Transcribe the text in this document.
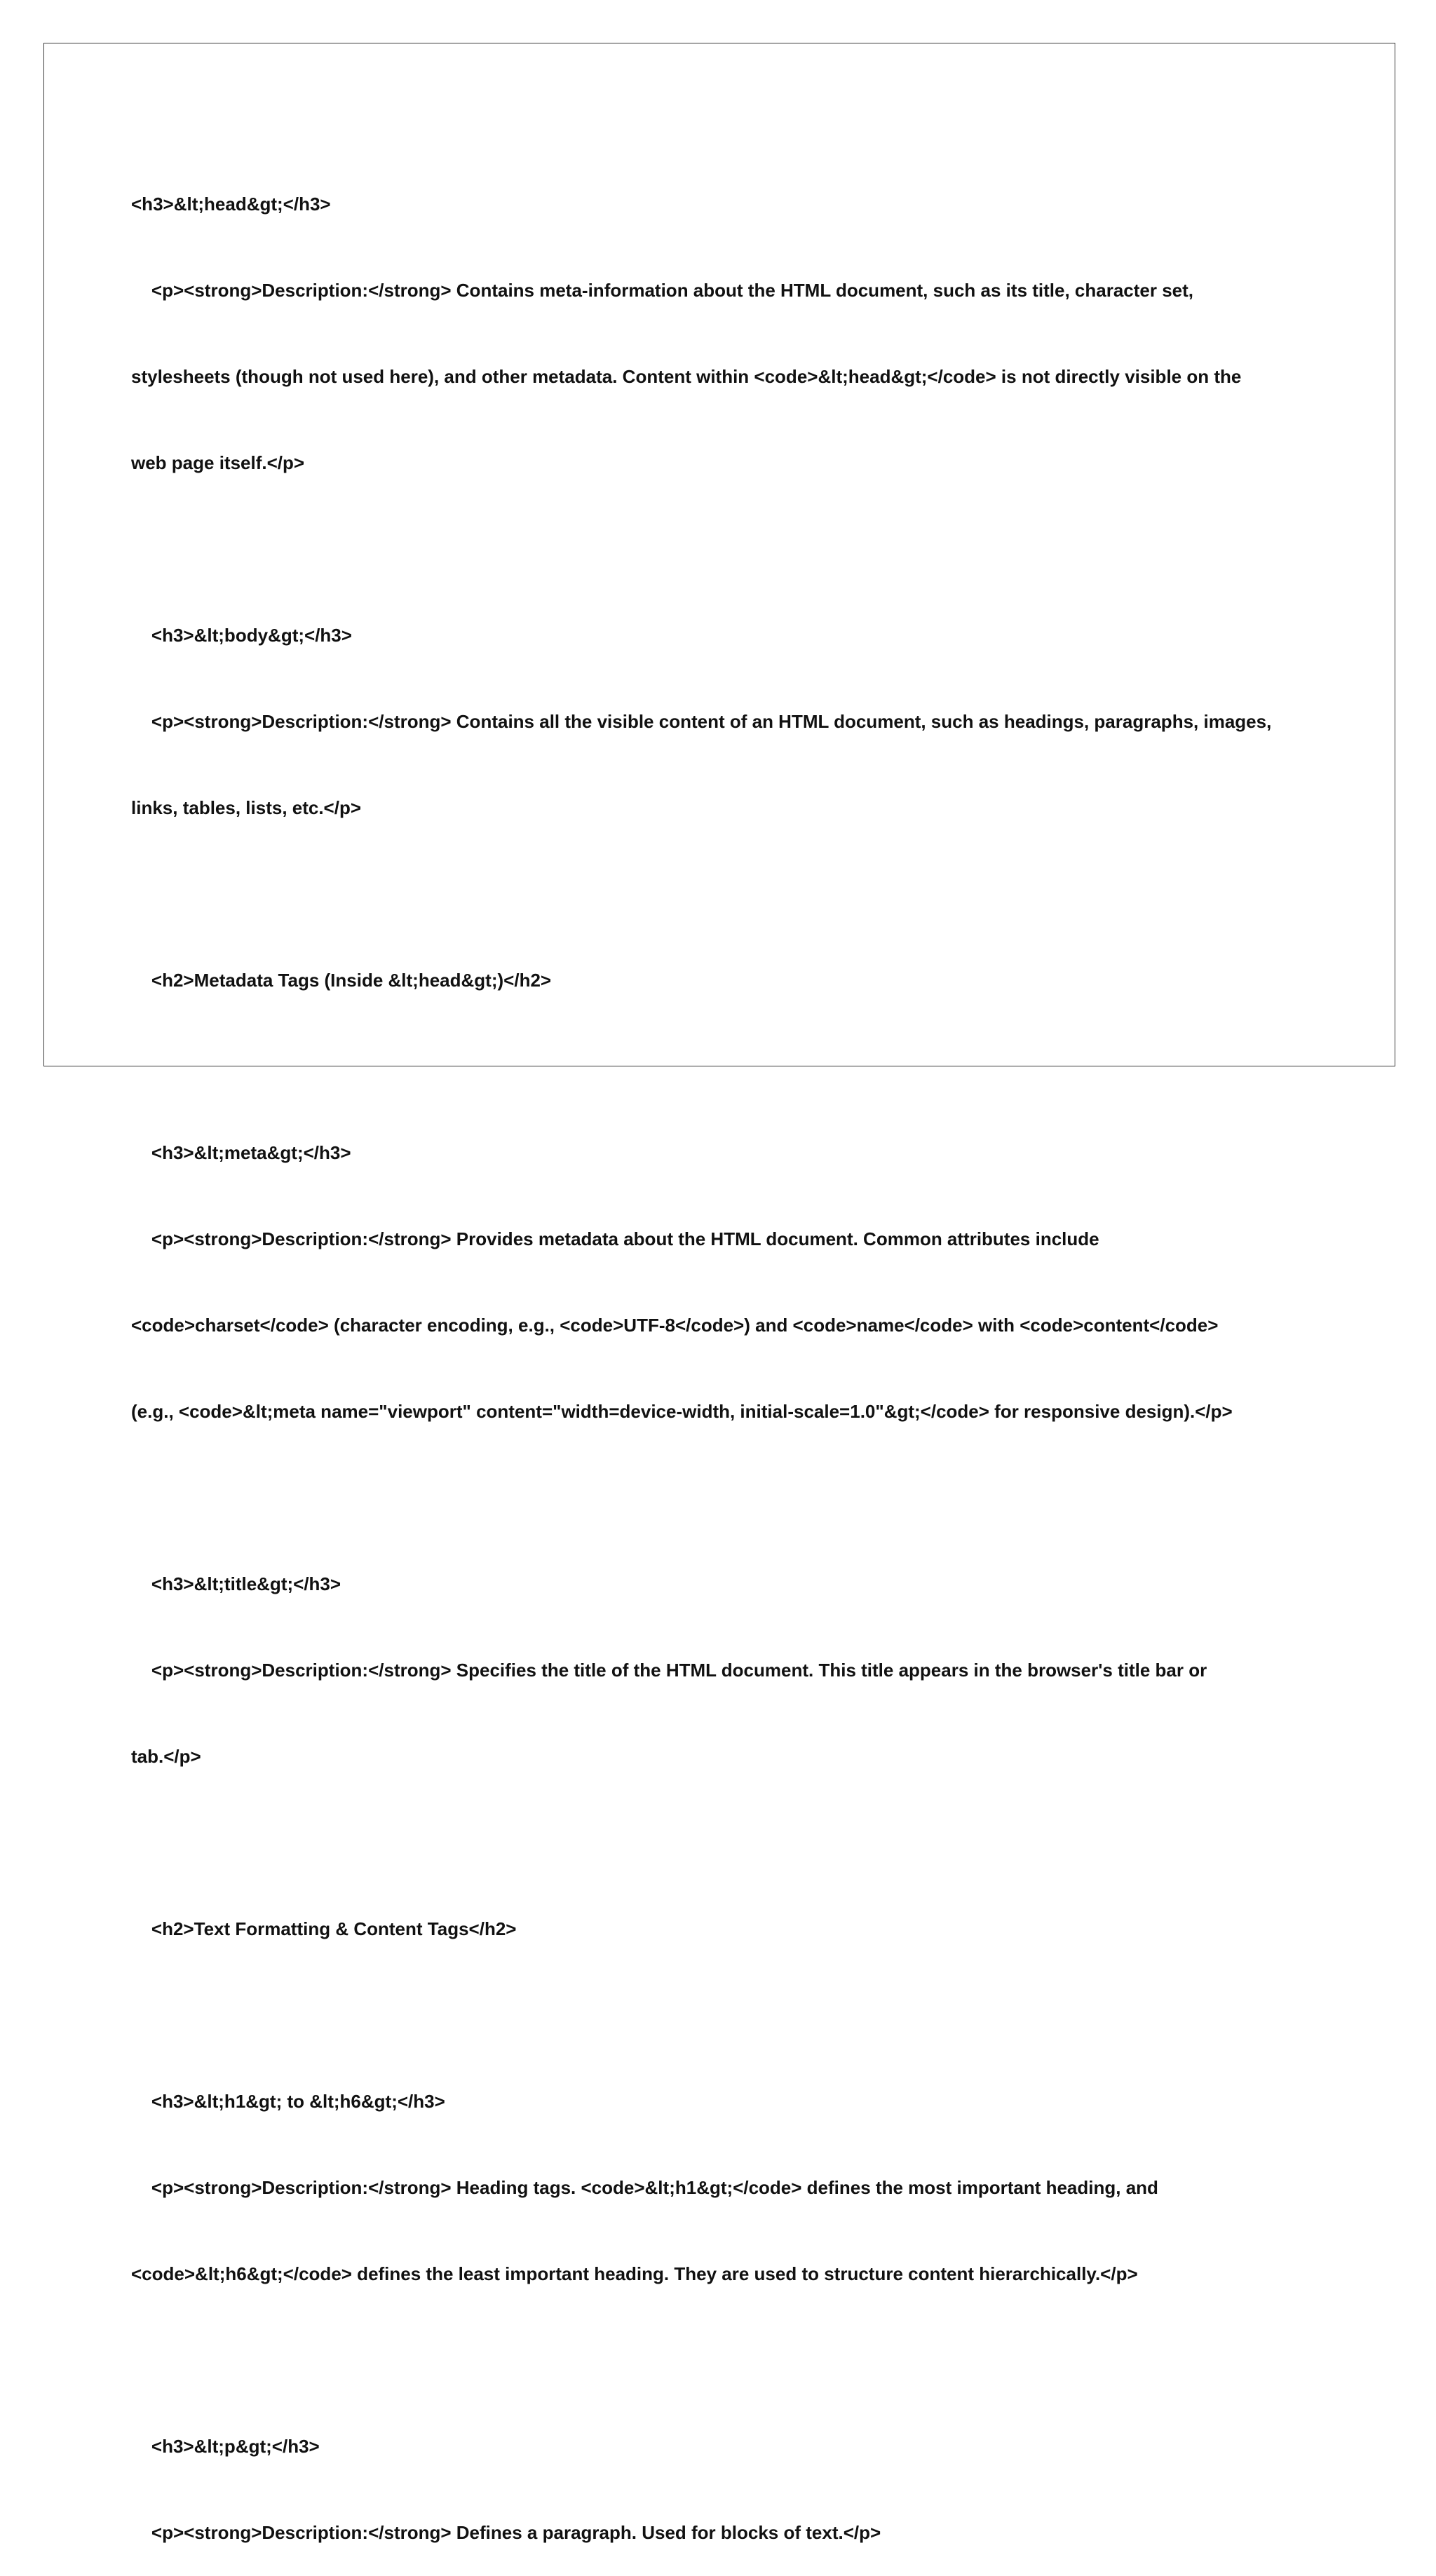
<h3>&lt;head&gt;</h3>

<p><strong>Description:</strong> Contains meta-information about the HTML document, such as its title, character set,

stylesheets (though not used here), and other metadata. Content within <code>&lt;head&gt;</code> is not directly visible on the

web page itself.</p>

<h3>&lt;body&gt;</h3>

<p><strong>Description:</strong> Contains all the visible content of an HTML document, such as headings, paragraphs, images,

links, tables, lists, etc.</p>

<h2>Metadata Tags (Inside &lt;head&gt;)</h2>

<h3>&lt;meta&gt;</h3>

<p><strong>Description:</strong> Provides metadata about the HTML document. Common attributes include

<code>charset</code> (character encoding, e.g., <code>UTF-8</code>) and <code>name</code> with <code>content</code>

(e.g., <code>&lt;meta name="viewport" content="width=device-width, initial-scale=1.0"&gt;</code> for responsive design).</p>

<h3>&lt;title&gt;</h3>

<p><strong>Description:</strong> Specifies the title of the HTML document. This title appears in the browser's title bar or

tab.</p>

<h2>Text Formatting & Content Tags</h2>

<h3>&lt;h1&gt; to &lt;h6&gt;</h3>

<p><strong>Description:</strong> Heading tags. <code>&lt;h1&gt;</code> defines the most important heading, and

<code>&lt;h6&gt;</code> defines the least important heading. They are used to structure content hierarchically.</p>

<h3>&lt;p&gt;</h3>

<p><strong>Description:</strong> Defines a paragraph. Used for blocks of text.</p>
